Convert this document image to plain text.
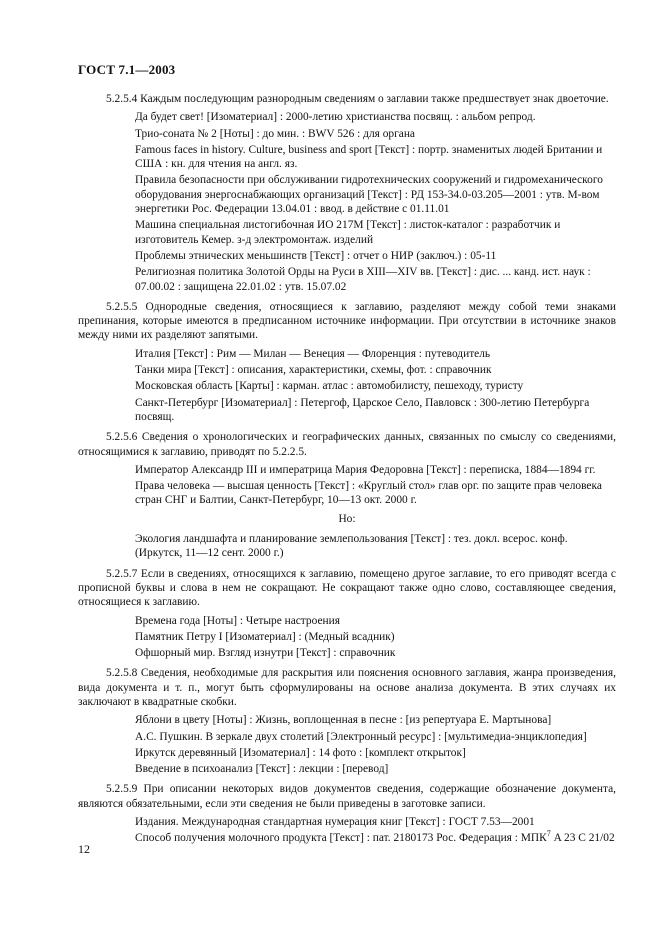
ГОСТ 7.1—2003

5.2.5.4 Каждым последующим разнородным сведениям о заглавии также предшествует знак двоеточие.

Да будет свет! [Изоматериал] : 2000-летию христианства посвящ. : альбом репрод.

Трио-соната № 2 [Ноты] : до мин. : BWV 526 : для органа

Famous faces in history. Culture, business and sport [Текст] : портр. знаменитых людей Британии и США : кн. для чтения на англ. яз.

Правила безопасности при обслуживании гидротехнических сооружений и гидромеханического оборудования энергоснабжающих организаций [Текст] : РД 153-34.0-03.205—2001 : утв. М-вом энергетики Рос. Федерации 13.04.01 : ввод. в действие с 01.11.01

Машина специальная листогибочная ИО 217М [Текст] : листок-каталог : разработчик и изготовитель Кемер. з-д электромонтаж. изделий

Проблемы этнических меньшинств [Текст] : отчет о НИР (заключ.) : 05-11

Религиозная политика Золотой Орды на Руси в XIII—XIV вв. [Текст] : дис. ... канд. ист. наук : 07.00.02 : защищена 22.01.02 : утв. 15.07.02

5.2.5.5 Однородные сведения, относящиеся к заглавию, разделяют между собой теми знаками препинания, которые имеются в предписанном источнике информации. При отсутствии в источнике знаков между ними их разделяют запятыми.

Италия [Текст] : Рим — Милан — Венеция — Флоренция : путеводитель

Танки мира [Текст] : описания, характеристики, схемы, фот. : справочник

Московская область [Карты] : кармaн. атлас : автомобилисту, пешеходу, туристу

Санкт-Петербург [Изоматериал] : Петергоф, Царское Село, Павловск : 300-летию Петербурга посвящ.

5.2.5.6 Сведения о хронологических и географических данных, связанных по смыслу со сведениями, относящимися к заглавию, приводят по 5.2.2.5.

Император Александр III и императрица Мария Федоровна [Текст] : переписка, 1884—1894 гг.

Права человека — высшая ценность [Текст] : «Круглый стол» глав орг. по защите прав человека стран СНГ и Балтии, Санкт-Петербург, 10—13 окт. 2000 г.

Но:

Экология ландшафта и планирование землепользования [Текст] : тез. докл. всерос. конф. (Иркутск, 11—12 сент. 2000 г.)

5.2.5.7 Если в сведениях, относящихся к заглавию, помещено другое заглавие, то его приводят всегда с прописной буквы и слова в нем не сокращают. Не сокращают также одно слово, составляющее сведения, относящиеся к заглавию.

Времена года [Ноты] : Четыре настроения

Памятник Петру I [Изоматериал] : (Медный всадник)

Офшорный мир. Взгляд изнутри [Текст] : справочник

5.2.5.8 Сведения, необходимые для раскрытия или пояснения основного заглавия, жанра произведения, вида документа и т. п., могут быть сформулированы на основе анализа документа. В этих случаях их заключают в квадратные скобки.

Яблони в цвету [Ноты] : Жизнь, воплощенная в песне : [из репертуара Е. Мартынова]

А.С. Пушкин. В зеркале двух столетий [Электронный ресурс] : [мультимедиа-энциклопедия]

Иркутск деревянный [Изоматериал] : 14 фото : [комплект открыток]

Введение в психоанализ [Текст] : лекции : [перевод]

5.2.5.9 При описании некоторых видов документов сведения, содержащие обозначение документа, являются обязательными, если эти сведения не были приведены в заготовке записи.

Издания. Международная стандартная нумерация книг [Текст] : ГОСТ 7.53—2001

Способ получения молочного продукта [Текст] : пат. 2180173 Рос. Федерация : МПК$^7$ A 23 C 21/02

12
